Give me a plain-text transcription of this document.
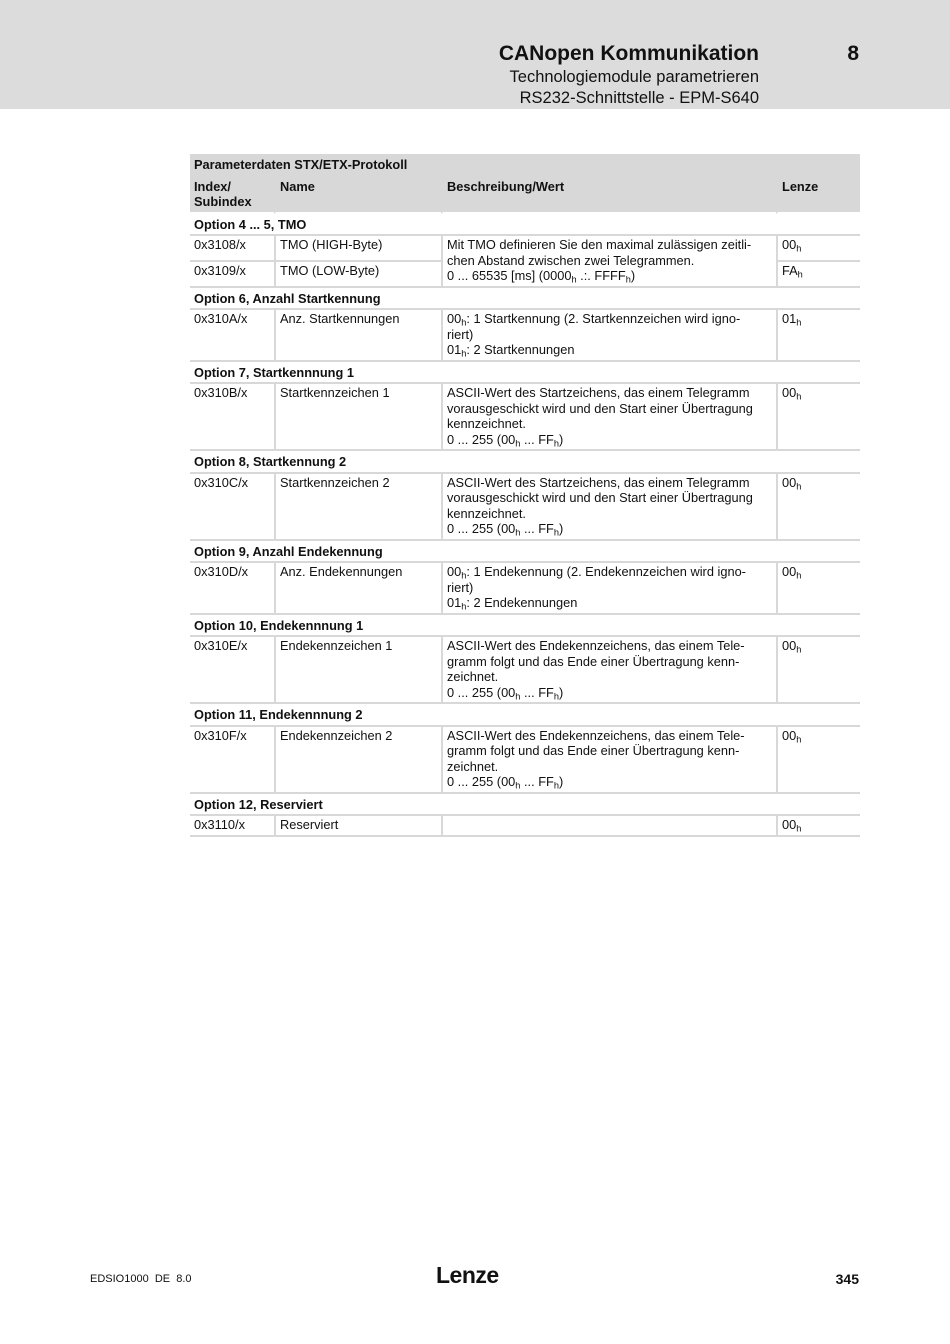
CANopen Kommunikation	8
Technologiemodule parametrieren
RS232-Schnittstelle - EPM-S640
Parameterdaten STX/ETX-Protokoll			
Index/ Subindex	Name	Beschreibung/Wert	Lenze
Option 4 ... 5, TMO			
0x3108/x	TMO (HIGH-Byte)	Mit TMO definieren Sie den maximal zulässigen zeitli-
chen Abstand zwischen zwei Telegrammen.
0 ... 65535 [ms] ($0000_h$ .:. $FFFF_h$)	$00_h$
0x3109/x	TMO (LOW-Byte)		$FA_h$
Option 6, Anzahl Startkennung			
0x310A/x	Anz. Startkennungen	$00_h$: 1 Startkennung (2. Startkennzeichen wird igno-
riert)
$01_h$: 2 Startkennungen	$01_h$
Option 7, Startkennnung 1			
0x310B/x	Startkennzeichen 1	ASCII-Wert des Startzeichens, das einem Telegramm
vorausgeschickt wird und den Start einer Übertragung
kennzeichnet.
0 ... 255 ($00_h$ ... $FF_h$)	$00_h$
Option 8, Startkennung 2			
0x310C/x	Startkennzeichen 2	ASCII-Wert des Startzeichens, das einem Telegramm
vorausgeschickt wird und den Start einer Übertragung
kennzeichnet.
0 ... 255 ($00_h$ ... $FF_h$)	$00_h$
Option 9, Anzahl Endekennung			
0x310D/x	Anz. Endekennungen	$00_h$: 1 Endekennung (2. Endekennzeichen wird igno-
riert)
$01_h$: 2 Endekennungen	$00_h$
Option 10, Endekennnung 1			
0x310E/x	Endekennzeichen 1	ASCII-Wert des Endekennzeichens, das einem Tele-
gramm folgt und das Ende einer Übertragung kenn-
zeichnet.
0 ... 255 ($00_h$ ... $FF_h$)	$00_h$
Option 11, Endekennnung 2			
0x310F/x	Endekennzeichen 2	ASCII-Wert des Endekennzeichens, das einem Tele-
gramm folgt und das Ende einer Übertragung kenn-
zeichnet.
0 ... 255 ($00_h$ ... $FF_h$)	$00_h$
Option 12, Reserviert			
0x3110/x	Reserviert		$00_h$
EDSIO1000  DE  8.0	Lenze	345
